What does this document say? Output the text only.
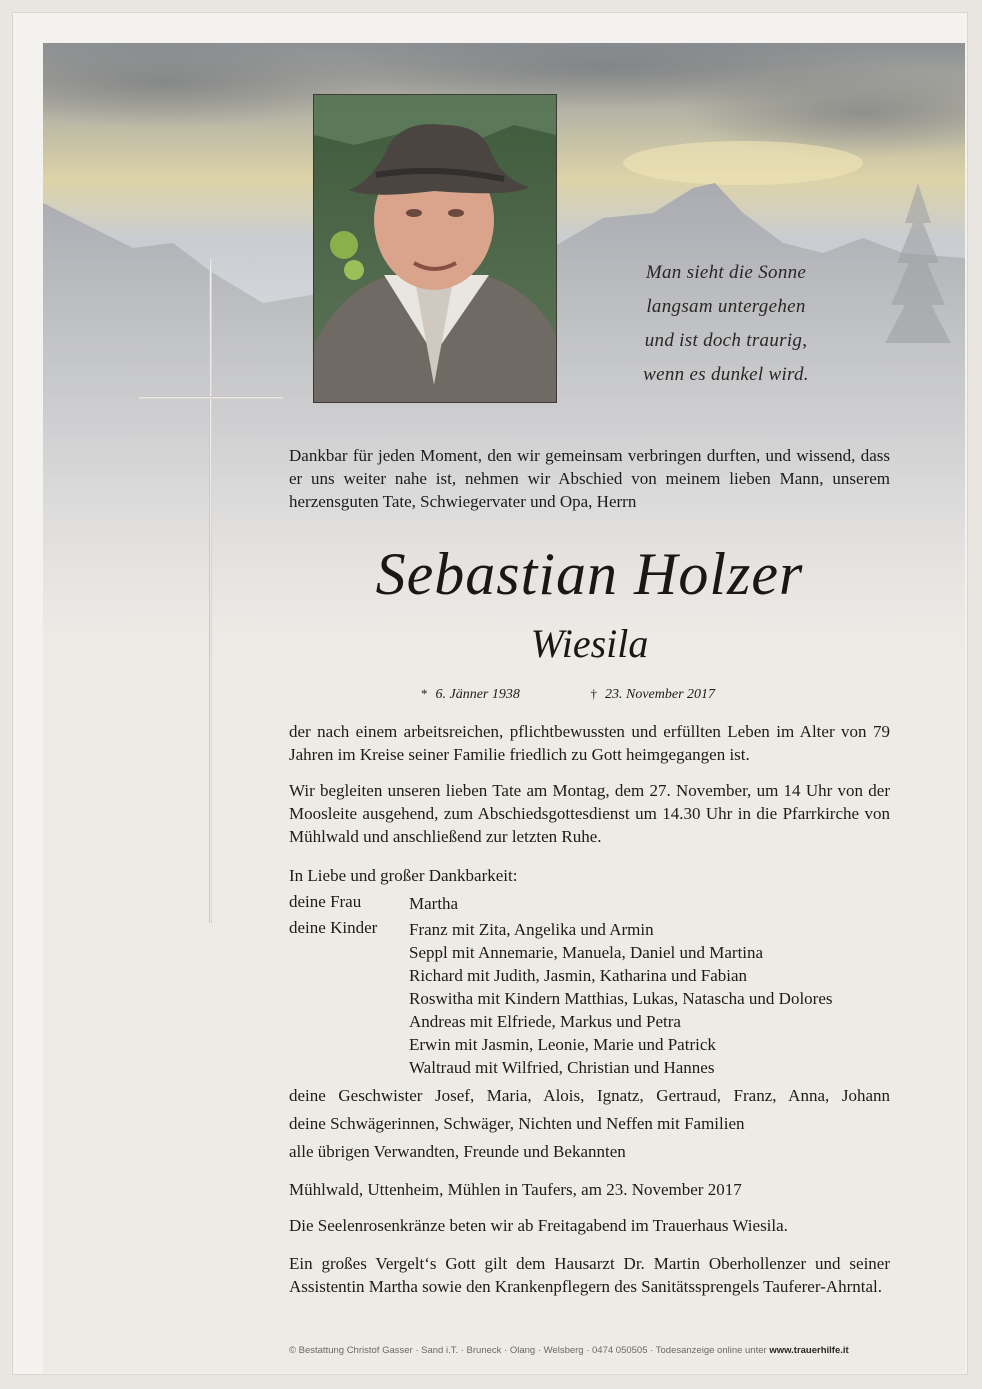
Man sieht die Sonne
langsam untergehen
und ist doch traurig,
wenn es dunkel wird.
Dankbar für jeden Moment, den wir gemeinsam verbringen durften, und wissend, dass er uns weiter nahe ist, nehmen wir Abschied von meinem lieben Mann, unserem herzensguten Tate, Schwiegervater und Opa, Herrn
Sebastian Holzer
Wiesila
* 6. Jänner 1938	† 23. November 2017
der nach einem arbeitsreichen, pflichtbewussten und erfüllten Leben im Alter von 79 Jahren im Kreise seiner Familie friedlich zu Gott heimgegangen ist.
Wir begleiten unseren lieben Tate am Montag, dem 27. November, um 14 Uhr von der Moosleite ausgehend, zum Abschiedsgottesdienst um 14.30 Uhr in die Pfarrkirche von Mühlwald und anschließend zur letzten Ruhe.
In Liebe und großer Dankbarkeit:
deine Frau	Martha
deine Kinder Franz mit Zita, Angelika und Armin
Seppl mit Annemarie, Manuela, Daniel und Martina
Richard mit Judith, Jasmin, Katharina und Fabian
Roswitha mit Kindern Matthias, Lukas, Natascha und Dolores
Andreas mit Elfriede, Markus und Petra
Erwin mit Jasmin, Leonie, Marie und Patrick
Waltraud mit Wilfried, Christian und Hannes
deine Geschwister Josef, Maria, Alois, Ignatz, Gertraud, Franz, Anna, Johann
deine Schwägerinnen, Schwäger, Nichten und Neffen mit Familien
alle übrigen Verwandten, Freunde und Bekannten
Mühlwald, Uttenheim, Mühlen in Taufers, am 23. November 2017
Die Seelenrosenkränze beten wir ab Freitagabend im Trauerhaus Wiesila.
Ein großes Vergelt‘s Gott gilt dem Hausarzt Dr. Martin Oberhollenzer und seiner Assistentin Martha sowie den Krankenpflegern des Sanitätssprengels Tauferer-Ahrntal.
© Bestattung Christof Gasser · Sand i.T. · Bruneck · Olang · Welsberg · 0474 050505 · Todesanzeige online unter www.trauerhilfe.it
